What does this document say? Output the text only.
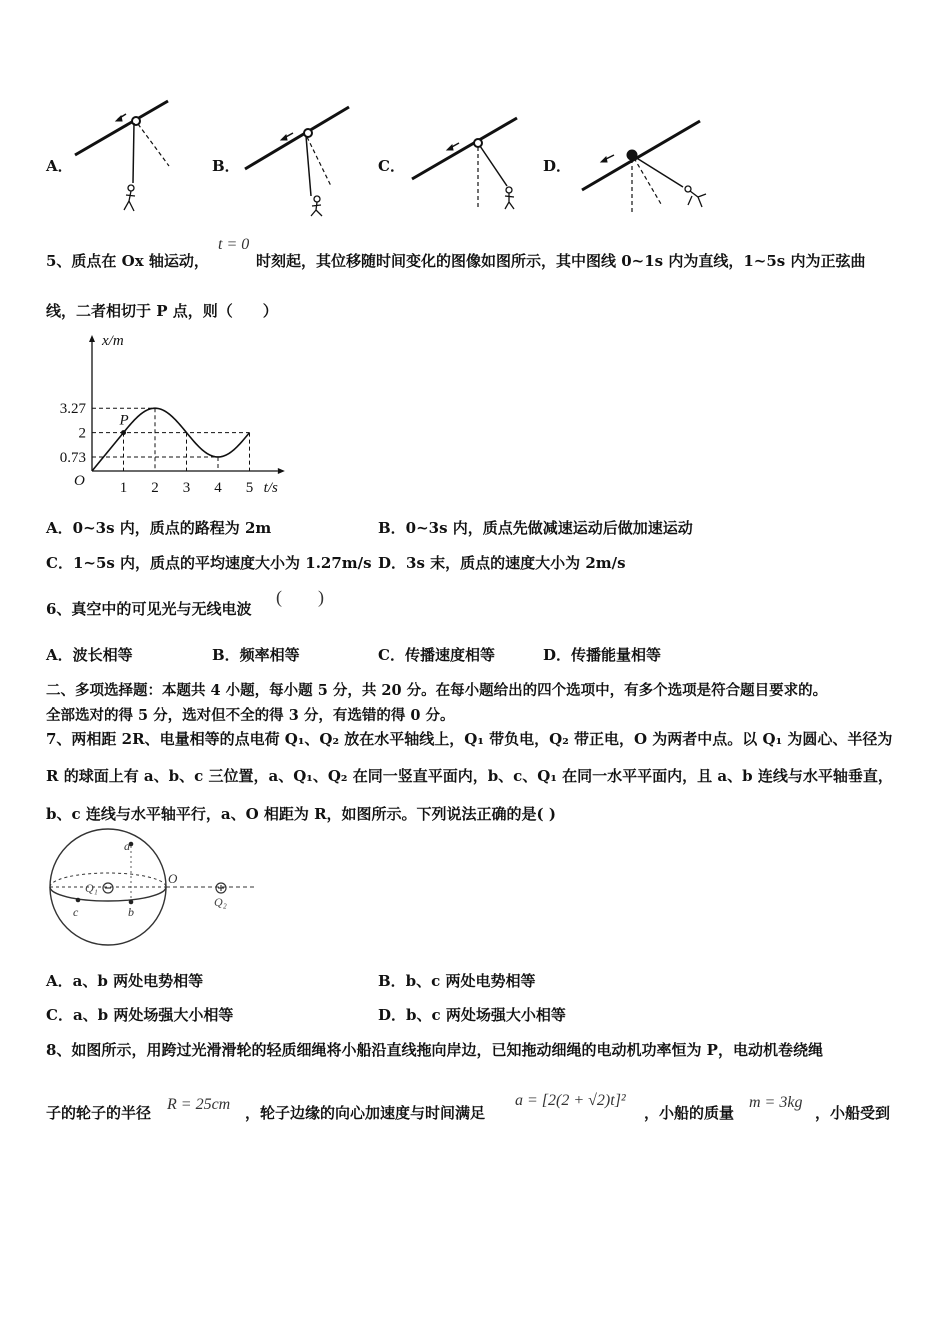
A．	B．	C．	D．
5、质点在 Ox 轴运动，
t = 0
时刻起，其位移随时间变化的图像如图所示，其中图线 0~1s 内为直线，1~5s 内为正弦曲
线，二者相切于 P 点，则（　　）
P
3.27
2
0.73
1 2 3 4 5
x/m
t/s
O
A．0~3s 内，质点的路程为 2m	B．0~3s 内，质点先做减速运动后做加速运动
C．1~5s 内，质点的平均速度大小为 1.27m/s D．3s 末，质点的速度大小为 2m/s
6、真空中的可见光与无线电波
(　　)
A．波长相等	B．频率相等	C．传播速度相等	D．传播能量相等
二、多项选择题：本题共 4 小题，每小题 5 分，共 20 分。在每小题给出的四个选项中，有多个选项是符合题目要求的。
全部选对的得 5 分，选对但不全的得 3 分，有选错的得 0 分。
7、两相距 2R、电量相等的点电荷 Q₁、Q₂ 放在水平轴线上，Q₁ 带负电，Q₂ 带正电，O 为两者中点。以 Q₁ 为圆心、半径为
R 的球面上有 a、b、c 三位置，a、Q₁、Q₂ 在同一竖直平面内，b、c、Q₁ 在同一水平平面内，且 a、b 连线与水平轴垂直，
b、c 连线与水平轴平行，a、O 相距为 R，如图所示。下列说法正确的是( )
a
b
c
O
Q₁
Q₂
A．a、b 两处电势相等	B．b、c 两处电势相等
C．a、b 两处场强大小相等	D．b、c 两处场强大小相等
8、如图所示，用跨过光滑滑轮的轻质细绳将小船沿直线拖向岸边，已知拖动细绳的电动机功率恒为 P，电动机卷绕绳
子的轮子的半径 R = 25cm ，轮子边缘的向心加速度与时间满足
a = [2(2 + √2)t]²
，小船的质量
m = 3kg
，小船受到
